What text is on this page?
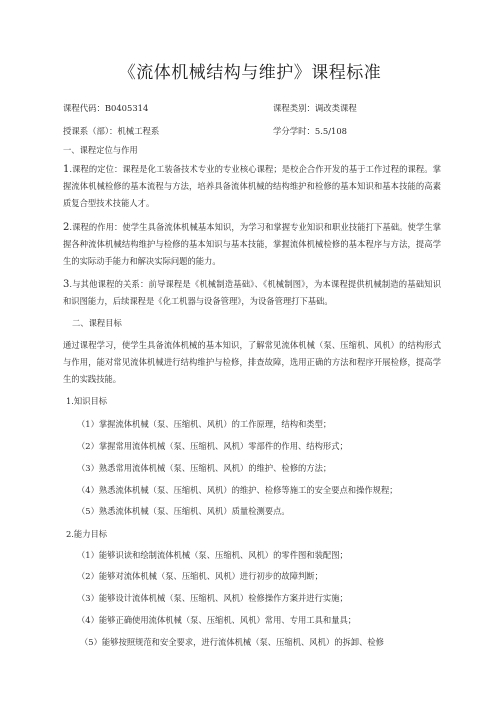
《流体机械结构与维护》课程标准
课程代码：B0405314	课程类别：调改类课程
授课系（部）：机械工程系	学分学时：5.5/108
一、课程定位与作用
1.课程的定位：课程是化工装备技术专业的专业核心课程；是校企合作开发的基于工作过程的课程。掌握流体机械检修的基本流程与方法，培养具备流体机械的结构维护和检修的基本知识和基本技能的高素质复合型技术技能人才。
2.课程的作用：使学生具备流体机械基本知识，为学习和掌握专业知识和职业技能打下基础。使学生掌握各种流体机械结构维护与检修的基本知识与基本技能，掌握流体机械检修的基本程序与方法，提高学生的实际动手能力和解决实际问题的能力。
3.与其他课程的关系：前导课程是《机械制造基础》、《机械制图》，为本课程提供机械制造的基础知识和识图能力，后续课程是《化工机器与设备管理》，为设备管理打下基础。
二、课程目标
通过课程学习，使学生具备流体机械的基本知识，了解常见流体机械（泵、压缩机、风机）的结构形式与作用，能对常见流体机械进行结构维护与检修，排查故障，选用正确的方法和程序开展检修，提高学生的实践技能。
1.知识目标
（1）掌握流体机械（泵、压缩机、风机）的工作原理，结构和类型；
（2）掌握常用流体机械（泵、压缩机、风机）零部件的作用、结构形式；
（3）熟悉常用流体机械（泵、压缩机、风机）的维护、检修的方法；
（4）熟悉流体机械（泵、压缩机、风机）的维护、检修等施工的安全要点和操作规程；
（5）熟悉流体机械（泵、压缩机、风机）质量检测要点。
2.能力目标
（1）能够识读和绘制流体机械（泵、压缩机、风机）的零件图和装配图；
（2）能够对流体机械（泵、压缩机、风机）进行初步的故障判断；
（3）能够设计流体机械（泵、压缩机、风机）检修操作方案并进行实施；
（4）能够正确使用流体机械（泵、压缩机、风机）常用、专用工具和量具；
（5）能够按照规范和安全要求，进行流体机械（泵、压缩机、风机）的拆卸、检修
